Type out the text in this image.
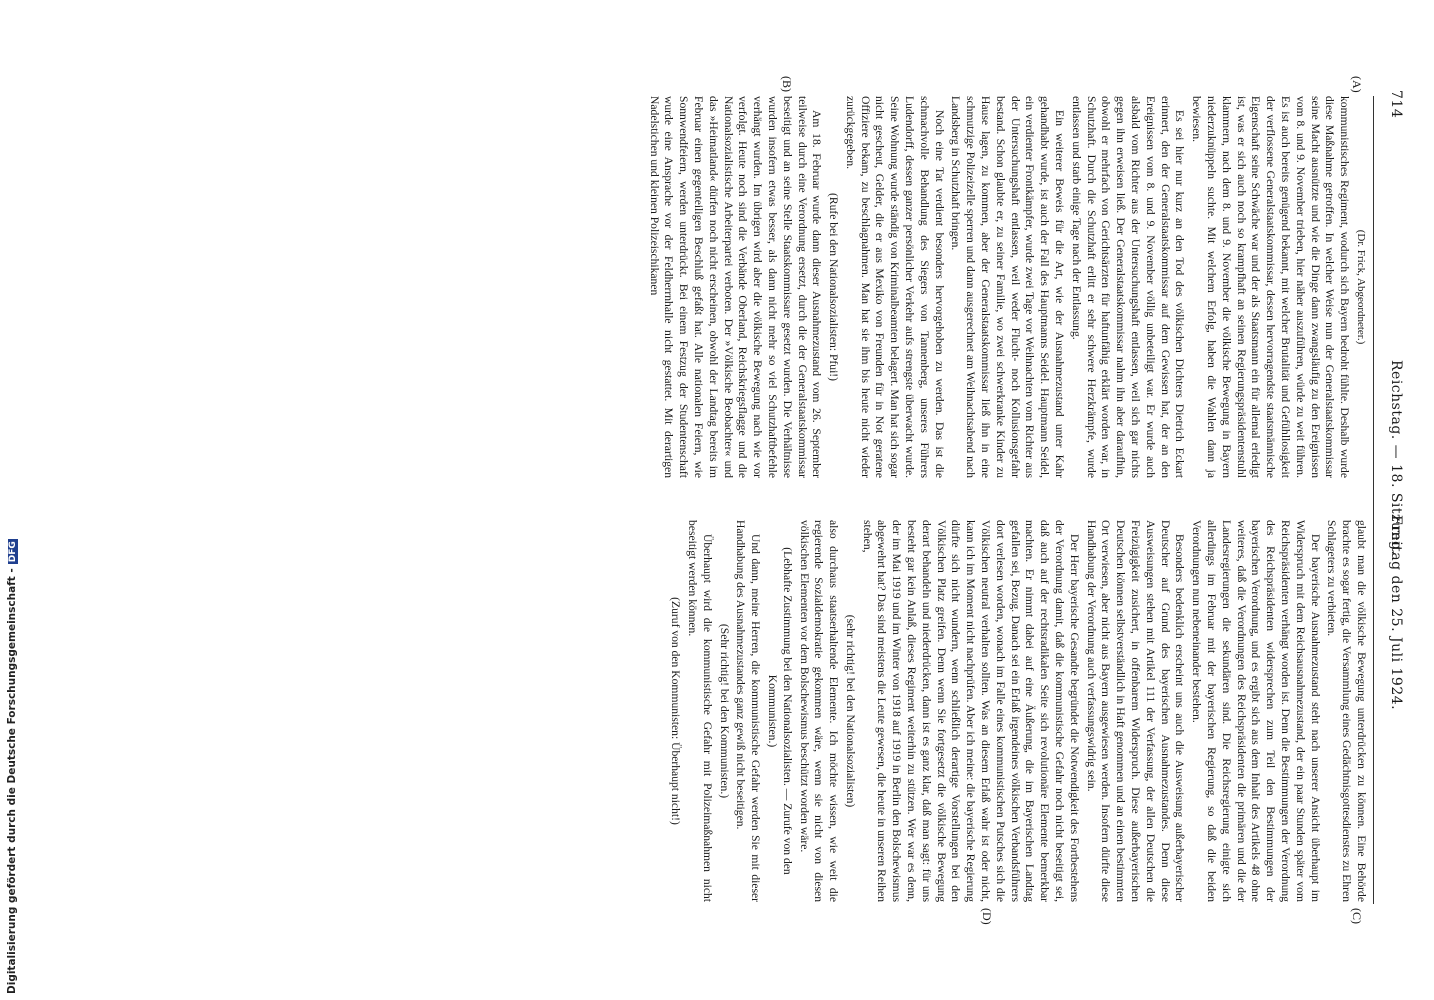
714
Reichstag. — 18. Sitzung.
Freitag den 25. Juli 1924.
(A)
(B)
(C)
(D)

(Dr. Frick, Abgeordneter.)

kommunistisches Regiment, wodurch sich Bayern bedroht fühlte. Deshalb wurde diese Maßnahme getroffen. In welcher Weise nun der Generalstaatskommissar seine Macht ausnützte und wie die Dinge dann zwangsläufig zu den Ereignissen vom 8. und 9. November trieben, hier näher auszuführen, würde zu weit führen. Es ist auch bereits genügend bekannt, mit welcher Brutalität und Gefühllosigkeit der verflossene Generalstaatskommissar, dessen hervorragendste staatsmännische Eigenschaft seine Schwäche war und der als Staatsmann ein für allemal erledigt ist, was er sich auch noch so krampfhaft an seinen Regierungspräsidentenstuhl klammern, nach dem 8. und 9. November die völkische Bewegung in Bayern niederzuknüppeln suchte. Mit welchem Erfolg, haben die Wahlen dann ja bewiesen.

Es sei hier nur kurz an den Tod des völkischen Dichters Dietrich Eckart erinnert, den der Generalstaatskommissar auf dem Gewissen hat, der an den Ereignissen vom 8. und 9. November völlig unbeteiligt war. Er wurde auch alsbald vom Richter aus der Untersuchungshaft entlassen, weil sich gar nichts gegen ihn erweisen ließ. Der Generalstaatskommissar nahm ihn aber daraufhin, obwohl er mehrfach von Gerichtsärzten für haftunfähig erklärt worden war, in Schutzhaft. Durch die Schutzhaft erlitt er sehr schwere Herzkrämpfe, wurde entlassen und starb einige Tage nach der Entlassung.

Ein weiterer Beweis für die Art, wie der Ausnahmezustand unter Kahr gehandhabt wurde, ist auch der Fall des Hauptmanns Seidel. Hauptmann Seidel, ein verdienter Frontkämpfer, wurde zwei Tage vor Weihnachten vom Richter aus der Untersuchungshaft entlassen, weil weder Flucht- noch Kollusionsgefahr bestand. Schon glaubte er, zu seiner Familie, wo zwei schwerkranke Kinder zu Hause lagen, zu kommen, aber der Generalstaatskommissar ließ ihn in eine schmutzige Polizeizelle sperren und dann ausgerechnet am Weihnachtsabend nach Landsberg in Schutzhaft bringen.

Noch eine Tat verdient besonders hervorgehoben zu werden. Das ist die schmachvolle Behandlung des Siegers von Tannenberg, unseres Führers Ludendorff, dessen ganzer persönlicher Verkehr aufs strengste überwacht wurde. Seine Wohnung wurde ständig von Kriminalbeamten belagert. Man hat sich sogar nicht gescheut, Gelder, die er aus Mexiko von Freunden für in Not geratene Offiziere bekam, zu beschlagnahmen. Man hat sie ihm bis heute nicht wieder zurückgegeben.

(Rufe bei den Nationalsozialisten: Pfui!)

Am 18. Februar wurde dann dieser Ausnahmezustand vom 26. September teilweise durch eine Verordnung ersetzt, durch die der Generalstaatskommissar beseitigt und an seine Stelle Staatskommissare gesetzt wurden. Die Verhältnisse wurden insofern etwas besser, als dann nicht mehr so viel Schutzhaftbefehle verhängt wurden. Im übrigen wird aber die völkische Bewegung nach wie vor verfolgt. Heute noch sind die Verbände Oberland, Reichskriegsflagge und die Nationalsozialistische Arbeiterpartei verboten. Der »Völkische Beobachter« und das »Heimatland« dürfen noch nicht erscheinen, obwohl der Landtag bereits im Februar einen gegenteiligen Beschluß gefaßt hat. Alle nationalen Feiern, wie Sonnwendfeiern, werden unterdrückt. Bei einem Festzug der Studentenschaft wurde eine Ansprache vor der Feldherrnhalle nicht gestattet. Mit derartigen Nadelstichen und kleinen Polizeischikanen

glaubt man die völkische Bewegung unterdrücken zu können. Eine Behörde brachte es sogar fertig, die Versammlung eines Gedächtnisgottesdienstes zu Ehren Schlageters zu verbieten.

Der bayerische Ausnahmezustand steht nach unserer Ansicht überhaupt im Widerspruch mit dem Reichsausnahmezustand, der ein paar Stunden später vom Reichspräsidenten verhängt worden ist. Denn die Bestimmungen der Verordnung des Reichspräsidenten widersprechen zum Teil den Bestimmungen der bayerischen Verordnung, und es ergibt sich aus dem Inhalt des Artikels 48 ohne weiteres, daß die Verordnungen des Reichspräsidenten die primären und die der Landesregierungen die sekundären sind. Die Reichsregierung einigte sich allerdings im Februar mit der bayerischen Regierung, so daß die beiden Verordnungen nun nebeneinander bestehen.

Besonders bedenklich erscheint uns auch die Ausweisung außerbayerischer Deutscher auf Grund des bayerischen Ausnahmezustandes. Denn diese Ausweisungen stehen mit Artikel 111 der Verfassung, der allen Deutschen die Freizügigkeit zusichert, in offenbarem Widerspruch. Diese außerbayerischen Deutschen können selbstverständlich in Haft genommen und an einen bestimmten Ort verwiesen, aber nicht aus Bayern ausgewiesen werden. Insofern dürfte diese Handhabung der Verordnung auch verfassungswidrig sein.

Der Herr bayerische Gesandte begründet die Notwendigkeit des Fortbestehens der Verordnung damit, daß die kommunistische Gefahr noch nicht beseitigt sei, daß auch auf der rechtsradikalen Seite sich revolutionäre Elemente bemerkbar machten. Er nimmt dabei auf eine Äußerung, die im Bayerischen Landtag gefallen sei, Bezug. Danach sei ein Erlaß irgendeines völkischen Verbandsführers dort verlesen worden, wonach im Falle eines kommunistischen Putsches sich die Völkischen neutral verhalten sollten. Was an diesem Erlaß wahr ist oder nicht, kann ich im Moment nicht nachprüfen. Aber ich meine: die bayerische Regierung dürfte sich nicht wundern, wenn schließlich derartige Vorstellungen bei den Völkischen Platz greifen. Denn wenn Sie fortgesetzt die völkische Bewegung derart behandeln und niederdrücken, dann ist es ganz klar, daß man sagt: für uns besteht gar kein Anlaß, dieses Regiment weiterhin zu stützen. Wer war es denn, der im Mai 1919 und im Winter von 1918 auf 1919 in Berlin den Bolschewismus abgewehrt hat? Das sind meistens die Leute gewesen, die heute in unseren Reihen stehen,

(sehr richtig! bei den Nationalsozialisten)

also durchaus staatserhaltende Elemente. Ich möchte wissen, wie weit die regierende Sozialdemokratie gekommen wäre, wenn sie nicht von diesen völkischen Elementen vor dem Bolschewismus beschützt worden wäre.

(Lebhafte Zustimmung bei den Nationalsozialisten. — Zurufe von den Kommunisten.)

Und dann, meine Herren, die kommunistische Gefahr werden Sie mit dieser Handhabung des Ausnahmezustandes ganz gewiß nicht beseitigen.

(Sehr richtig! bei den Kommunisten.)

Überhaupt wird die kommunistische Gefahr mit Polizeimaßnahmen nicht beseitigt werden können.

(Zuruf von den Kommunisten: Überhaupt nicht!)

Digitalisierung gefördert durch die Deutsche Forschungsgemeinschaft -DFG
